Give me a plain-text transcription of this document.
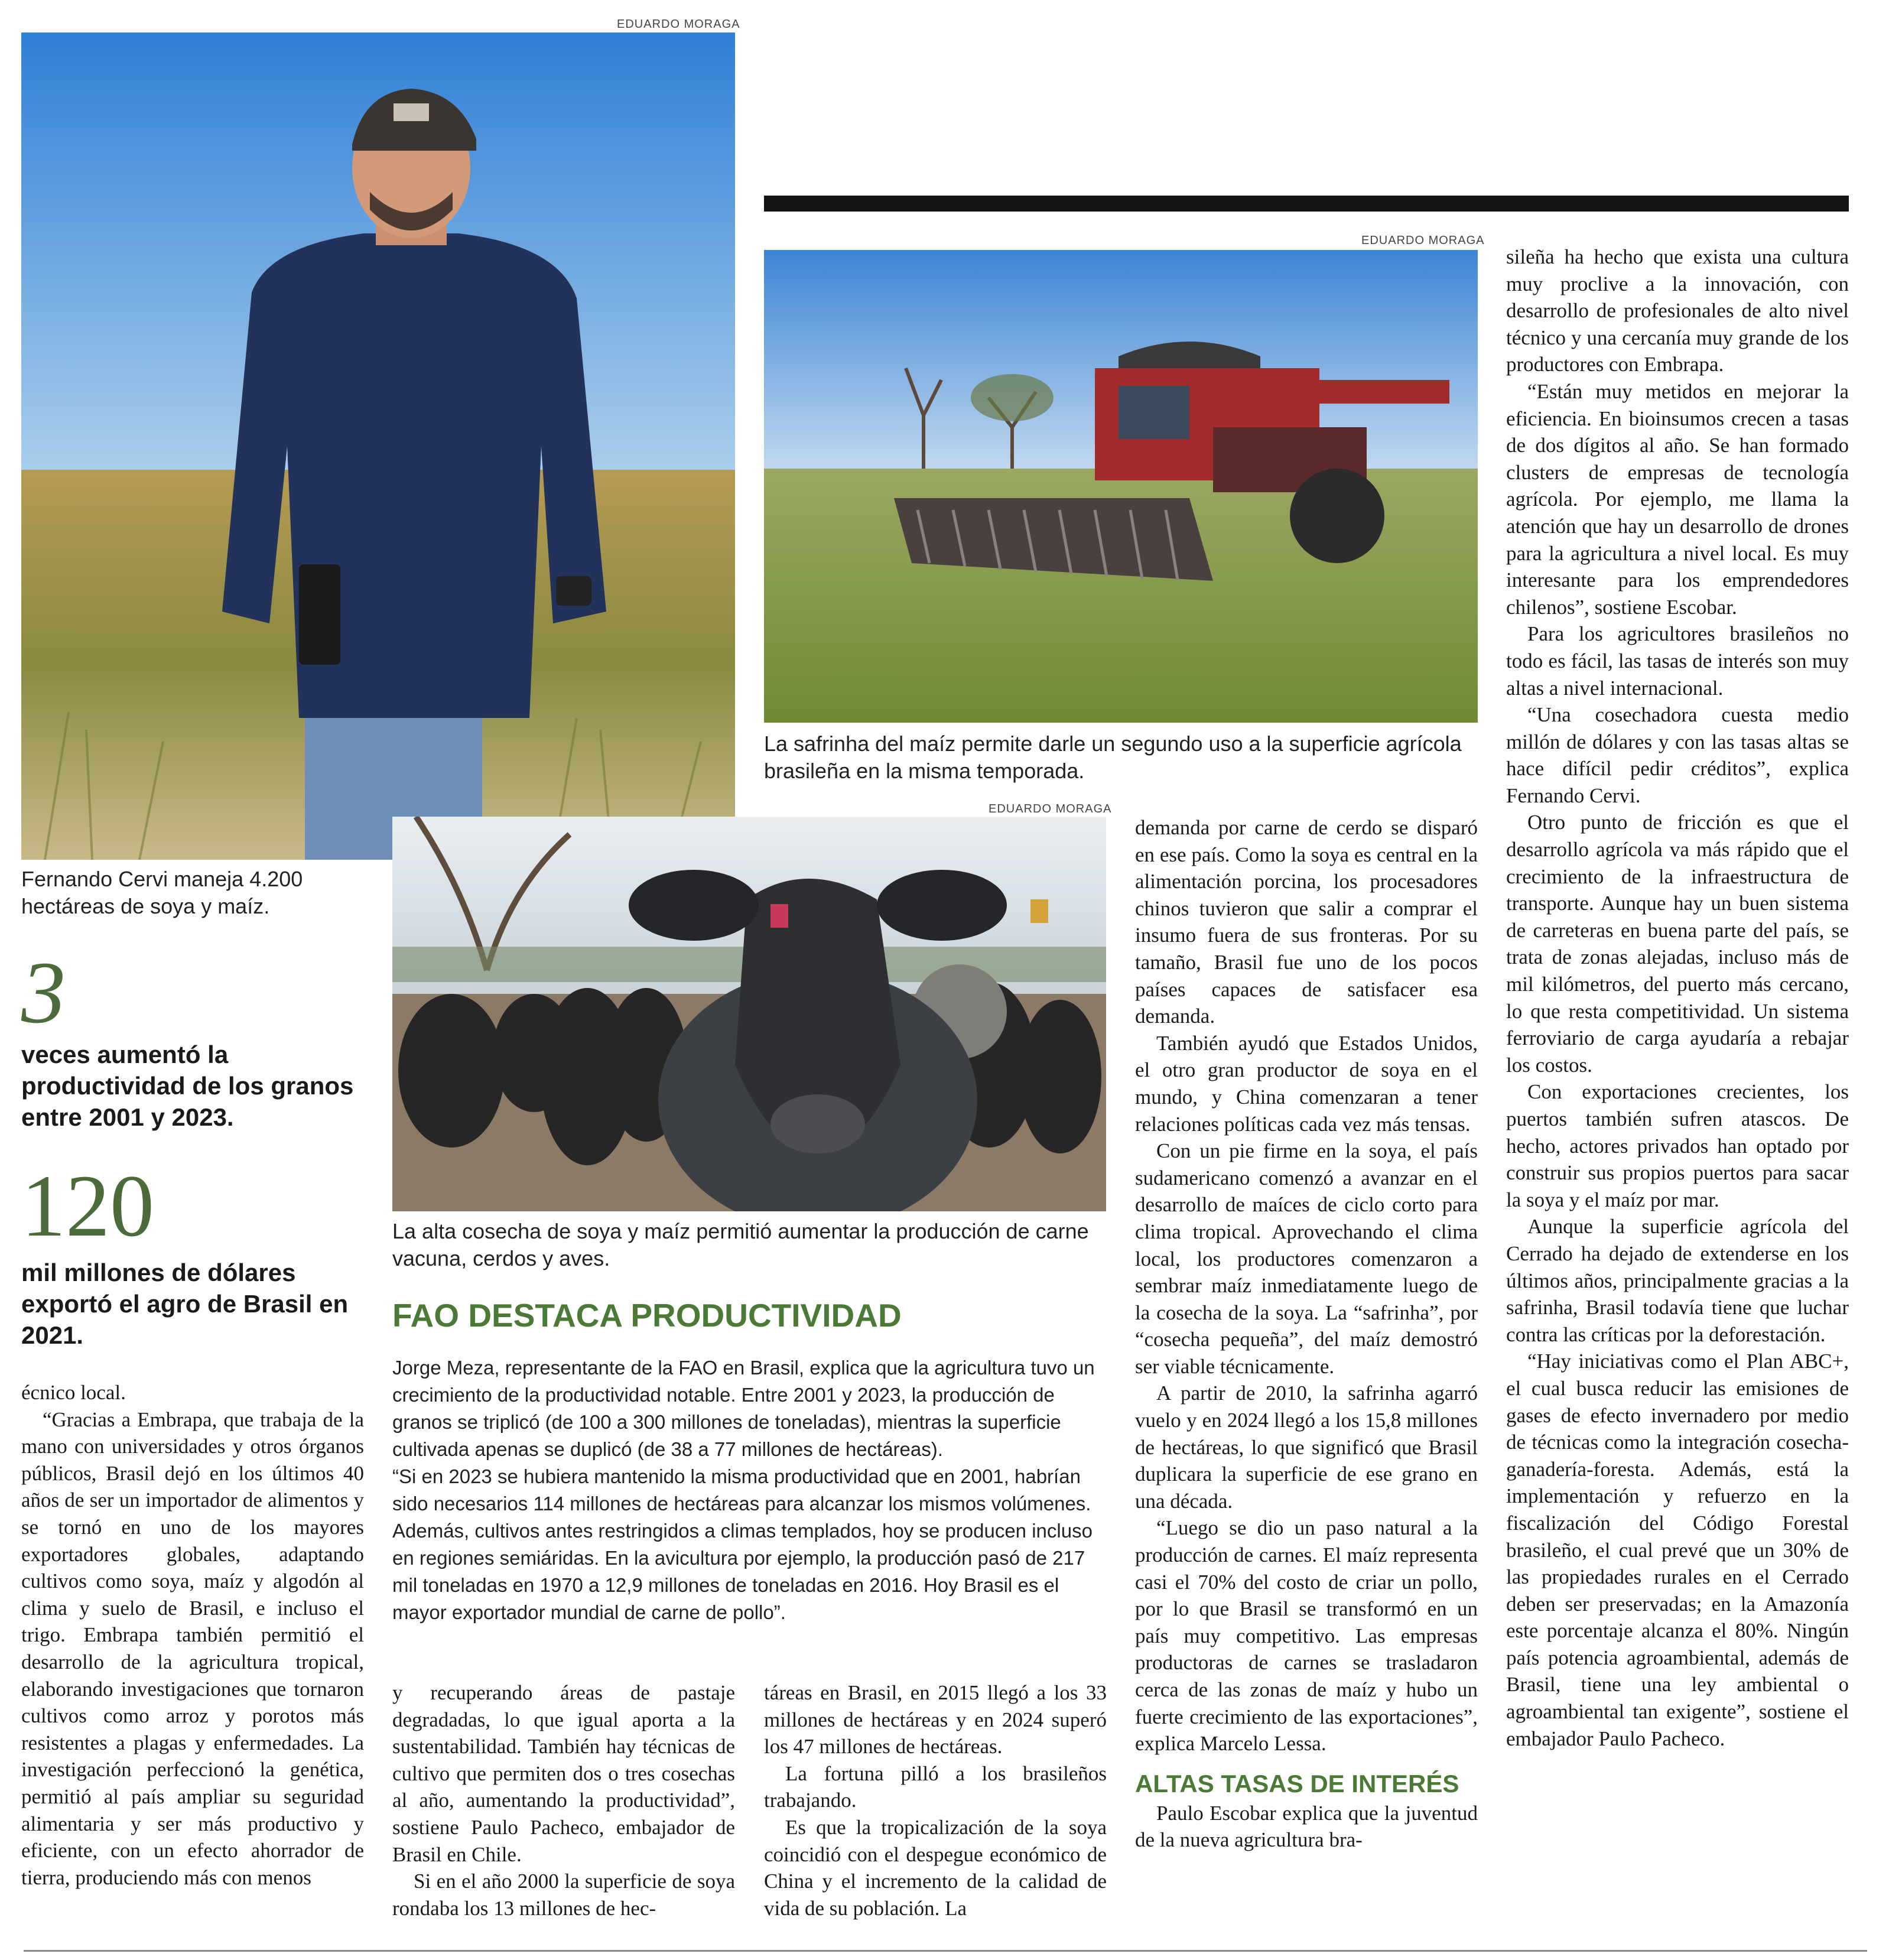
EDUARDO MORAGA
Fernando Cervi maneja 4.200 hectáreas de soya y maíz.
3
veces aumentó la productividad de los granos entre 2001 y 2023.
120
mil millones de dólares exportó el agro de Brasil en 2021.

écnico local.

“Gracias a Embrapa, que trabaja de la mano con universidades y otros órganos públicos, Brasil dejó en los últimos 40 años de ser un importador de alimentos y se tornó en uno de los mayores exportadores globales, adaptando cultivos como soya, maíz y algodón al clima y suelo de Brasil, e incluso el trigo. Embrapa también permitió el desarrollo de la agricultura tropical, elaborando investigaciones que tornaron cultivos como arroz y porotos más resistentes a plagas y enfermedades. La investigación perfeccionó la genética, permitió al país ampliar su seguridad alimentaria y ser más productivo y eficiente, con un efecto ahorrador de tierra, produciendo más con menos

EDUARDO MORAGA
La safrinha del maíz permite darle un segundo uso a la superficie agrícola brasileña en la misma temporada.
EDUARDO MORAGA
La alta cosecha de soya y maíz permitió aumentar la producción de carne vacuna, cerdos y aves.
FAO DESTACA PRODUCTIVIDAD

Jorge Meza, representante de la FAO en Brasil, explica que la agricultura tuvo un crecimiento de la productividad notable. Entre 2001 y 2023, la producción de granos se triplicó (de 100 a 300 millones de toneladas), mientras la superficie cultivada apenas se duplicó (de 38 a 77 millones de hectáreas).

“Si en 2023 se hubiera mantenido la misma productividad que en 2001, habrían sido necesarios 114 millones de hectáreas para alcanzar los mismos volúmenes. Además, cultivos antes restringidos a climas templados, hoy se producen incluso en regiones semiáridas. En la avicultura por ejemplo, la producción pasó de 217 mil toneladas en 1970 a 12,9 millones de toneladas en 2016. Hoy Brasil es el mayor exportador mundial de carne de pollo”.

y recuperando áreas de pastaje degradadas, lo que igual aporta a la sustentabilidad. También hay técnicas de cultivo que permiten dos o tres cosechas al año, aumentando la productividad”, sostiene Paulo Pacheco, embajador de Brasil en Chile.

Si en el año 2000 la superficie de soya rondaba los 13 millones de hec-

táreas en Brasil, en 2015 llegó a los 33 millones de hectáreas y en 2024 superó los 47 millones de hectáreas.

La fortuna pilló a los brasileños trabajando.

Es que la tropicalización de la soya coincidió con el despegue económico de China y el incremento de la calidad de vida de su población. La

demanda por carne de cerdo se disparó en ese país. Como la soya es central en la alimentación porcina, los procesadores chinos tuvieron que salir a comprar el insumo fuera de sus fronteras. Por su tamaño, Brasil fue uno de los pocos países capaces de satisfacer esa demanda.

También ayudó que Estados Unidos, el otro gran productor de soya en el mundo, y China comenzaran a tener relaciones políticas cada vez más tensas.

Con un pie firme en la soya, el país sudamericano comenzó a avanzar en el desarrollo de maíces de ciclo corto para clima tropical. Aprovechando el clima local, los productores comenzaron a sembrar maíz inmediatamente luego de la cosecha de la soya. La “safrinha”, por “cosecha pequeña”, del maíz demostró ser viable técnicamente.

A partir de 2010, la safrinha agarró vuelo y en 2024 llegó a los 15,8 millones de hectáreas, lo que significó que Brasil duplicara la superficie de ese grano en una década.

“Luego se dio un paso natural a la producción de carnes. El maíz representa casi el 70% del costo de criar un pollo, por lo que Brasil se transformó en un país muy competitivo. Las empresas productoras de carnes se trasladaron cerca de las zonas de maíz y hubo un fuerte crecimiento de las exportaciones”, explica Marcelo Lessa.

ALTAS TASAS DE INTERÉS

Paulo Escobar explica que la juventud de la nueva agricultura bra-

sileña ha hecho que exista una cultura muy proclive a la innovación, con desarrollo de profesionales de alto nivel técnico y una cercanía muy grande de los productores con Embrapa.

“Están muy metidos en mejorar la eficiencia. En bioinsumos crecen a tasas de dos dígitos al año. Se han formado clusters de empresas de tecnología agrícola. Por ejemplo, me llama la atención que hay un desarrollo de drones para la agricultura a nivel local. Es muy interesante para los emprendedores chilenos”, sostiene Escobar.

Para los agricultores brasileños no todo es fácil, las tasas de interés son muy altas a nivel internacional.

“Una cosechadora cuesta medio millón de dólares y con las tasas altas se hace difícil pedir créditos”, explica Fernando Cervi.

Otro punto de fricción es que el desarrollo agrícola va más rápido que el crecimiento de la infraestructura de transporte. Aunque hay un buen sistema de carreteras en buena parte del país, se trata de zonas alejadas, incluso más de mil kilómetros, del puerto más cercano, lo que resta competitividad. Un sistema ferroviario de carga ayudaría a rebajar los costos.

Con exportaciones crecientes, los puertos también sufren atascos. De hecho, actores privados han optado por construir sus propios puertos para sacar la soya y el maíz por mar.

Aunque la superficie agrícola del Cerrado ha dejado de extenderse en los últimos años, principalmente gracias a la safrinha, Brasil todavía tiene que luchar contra las críticas por la deforestación.

“Hay iniciativas como el Plan ABC+, el cual busca reducir las emisiones de gases de efecto invernadero por medio de técnicas como la integración cosecha-ganadería-foresta. Además, está la implementación y refuerzo en la fiscalización del Código Forestal brasileño, el cual prevé que un 30% de las propiedades rurales en el Cerrado deben ser preservadas; en la Amazonía este porcentaje alcanza el 80%. Ningún país potencia agroambiental, además de Brasil, tiene una ley ambiental o agroambiental tan exigente”, sostiene el embajador Paulo Pacheco.
